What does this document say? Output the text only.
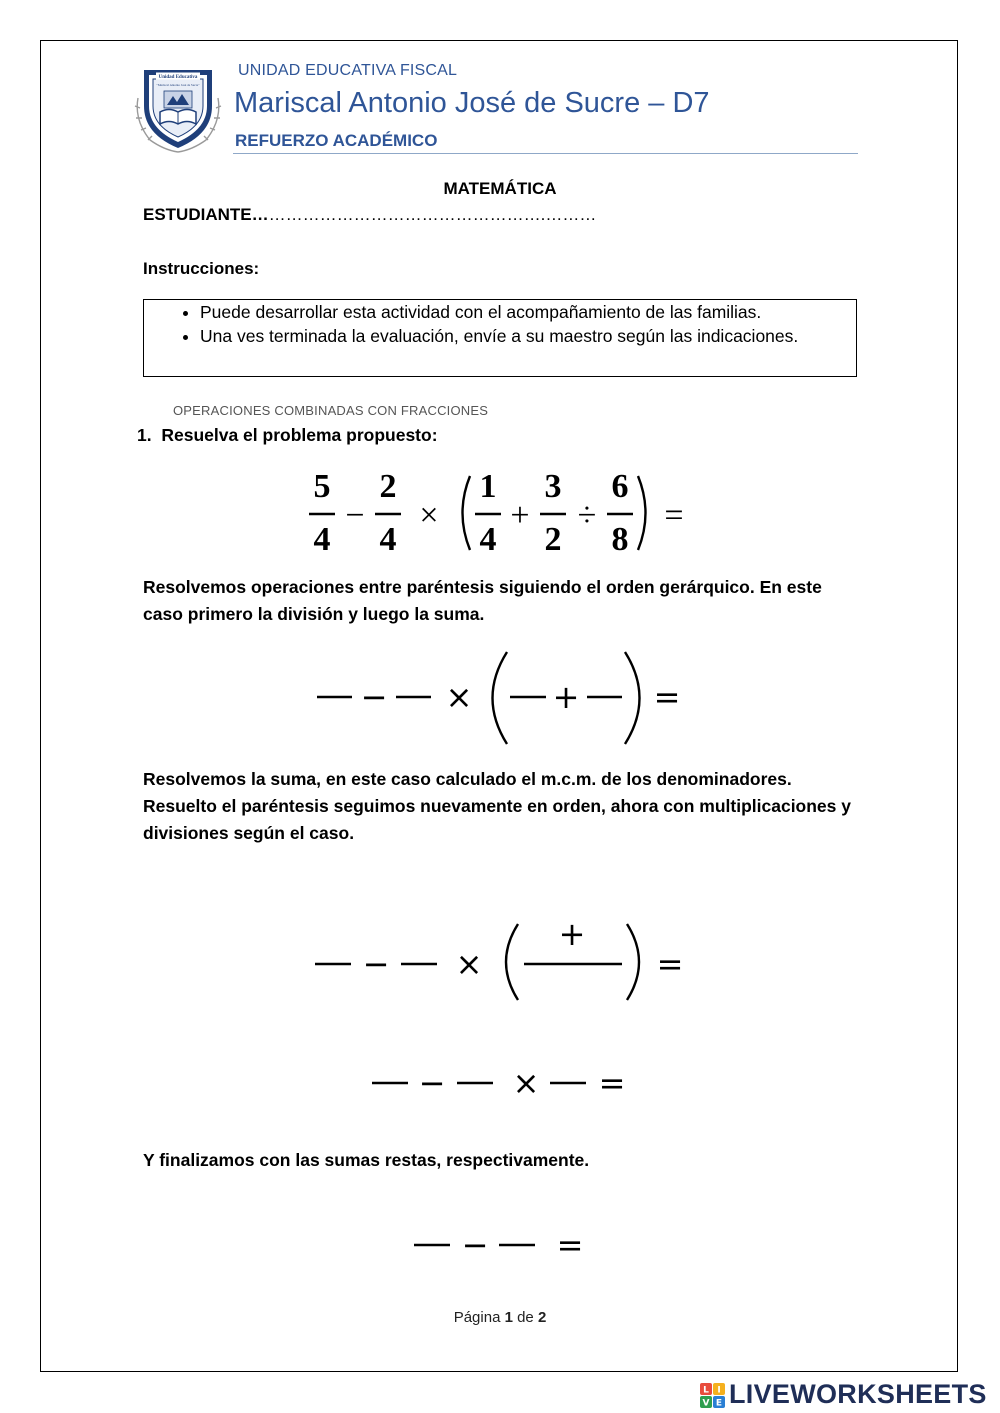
Unidad Educativa
"Mariscal Antonio José de Sucre"
UNIDAD EDUCATIVA FISCAL
Mariscal Antonio José de Sucre – D7
REFUERZO ACADÉMICO
MATEMÁTICA
ESTUDIANTE…………………………………………….………
Instrucciones:
• Puede desarrollar esta actividad con el acompañamiento de las familias.
• Una ves terminada la evaluación, envíe a su maestro según las indicaciones.
OPERACIONES COMBINADAS CON FRACCIONES
1. Resuelva el problema propuesto:
Resolvemos operaciones entre paréntesis siguiendo el orden gerárquico. En este caso primero la división y luego la suma.
Resolvemos la suma, en este caso calculado el m.c.m. de los denominadores. Resuelto el paréntesis seguimos nuevamente en orden, ahora con multiplicaciones y divisiones según el caso.
Y finalizamos con las sumas restas, respectivamente.
5
4
2
4
1
4
3
2
6
8
− × + ÷ =
− ×	+ =
− ×
+
=
− × =
− =
Página 1 de 2
L I
V E LIVEWORKSHEETS
